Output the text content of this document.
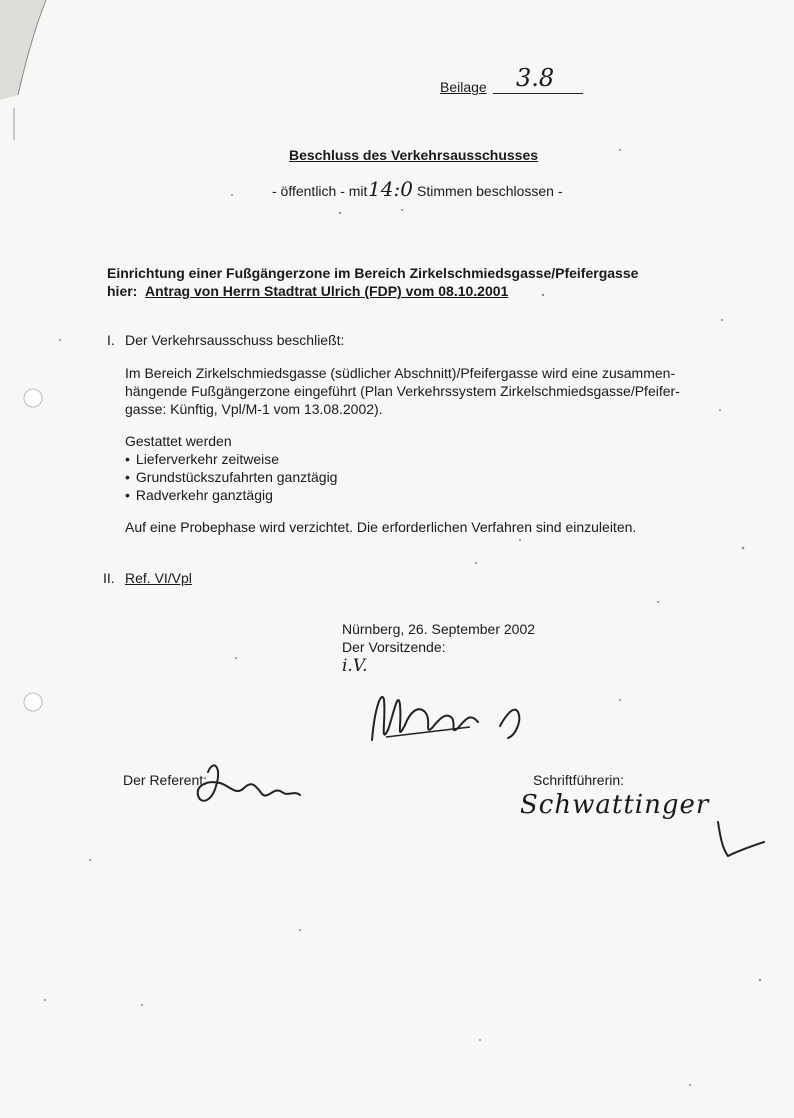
Beilage 3.8
Beschluss des Verkehrsausschusses
- öffentlich - mit 14:0 Stimmen beschlossen -
Einrichtung einer Fußgängerzone im Bereich Zirkelschmiedsgasse/Pfeifergasse
hier: Antrag von Herrn Stadtrat Ulrich (FDP) vom 08.10.2001
I. Der Verkehrsausschuss beschließt:
Im Bereich Zirkelschmiedsgasse (südlicher Abschnitt)/Pfeifergasse wird eine zusammen-
hängende Fußgängerzone eingeführt (Plan Verkehrssystem Zirkelschmiedsgasse/Pfeifer-
gasse: Künftig, Vpl/M-1 vom 13.08.2002).
Gestattet werden
• Lieferverkehr zeitweise
• Grundstückszufahrten ganztägig
• Radverkehr ganztägig
Auf eine Probephase wird verzichtet. Die erforderlichen Verfahren sind einzuleiten.
II. Ref. VI/Vpl
Nürnberg, 26. September 2002
Der Vorsitzende:
i.V.
Der Referent:	Schriftführerin:
Schwattinger
